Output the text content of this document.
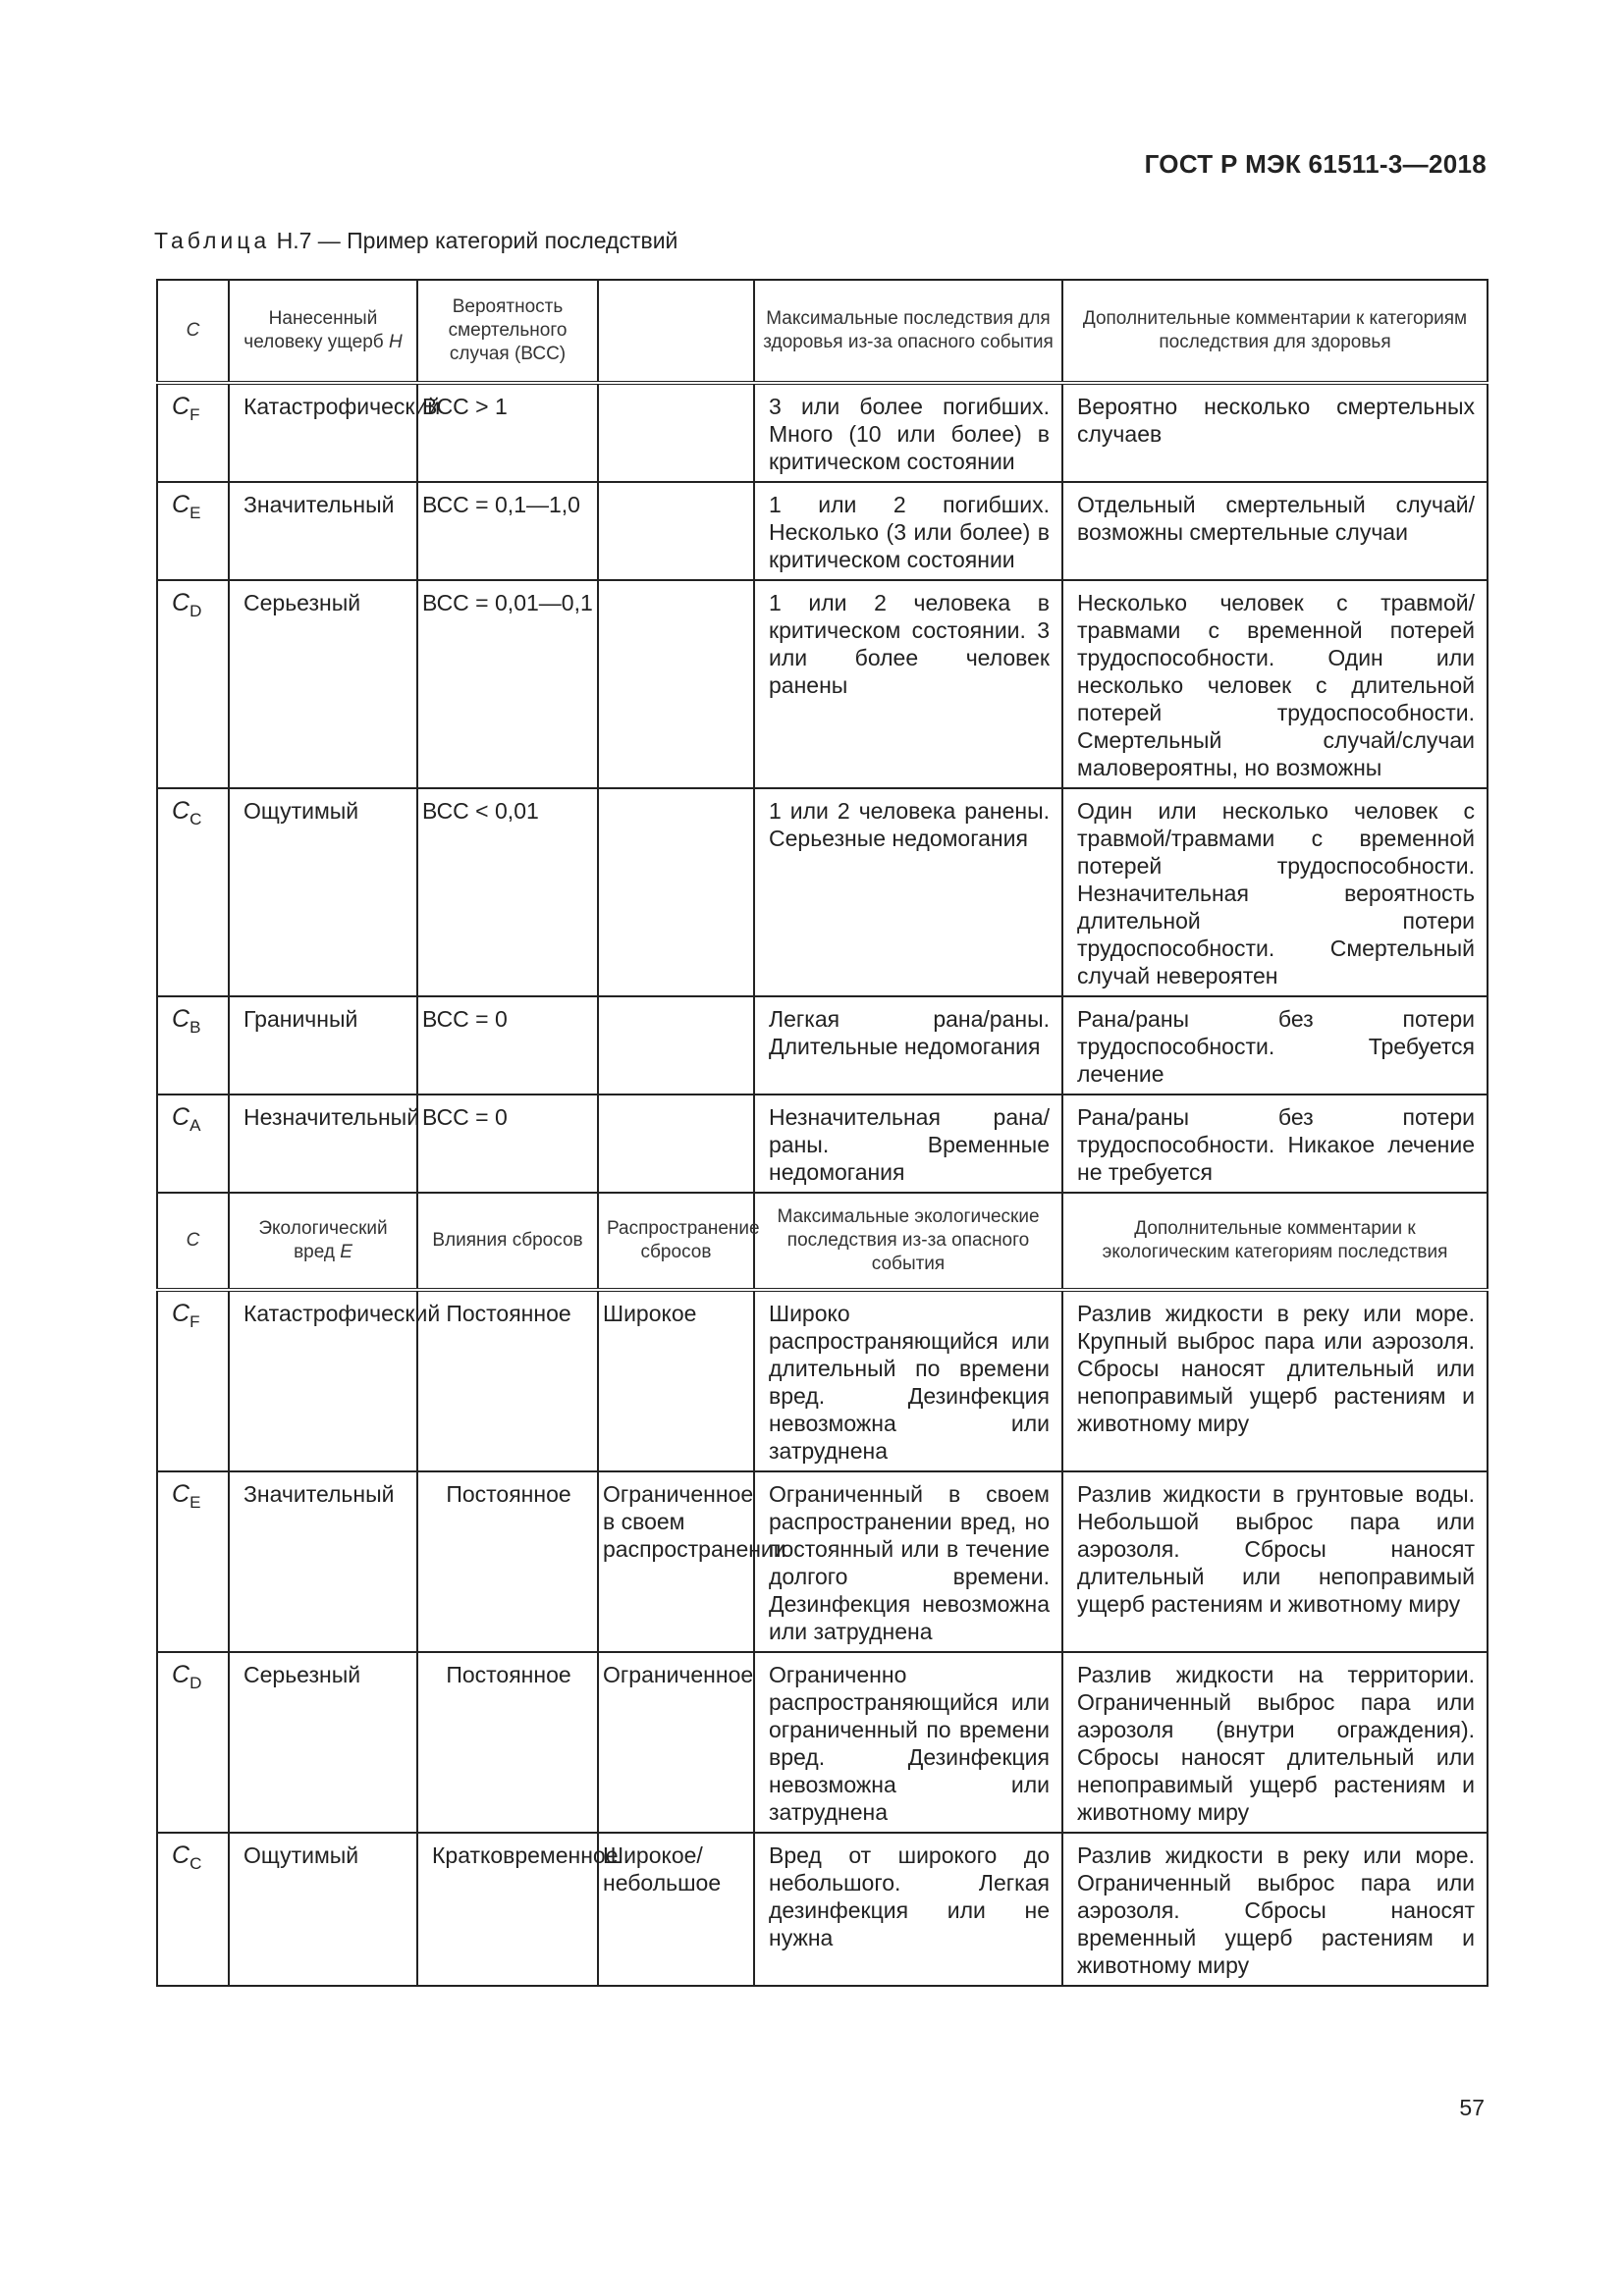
ГОСТ Р МЭК 61511-3—2018
Таблица H.7 — Пример категорий последствий
C	Нанесенный человеку ущерб H	Вероятность смертельного случая (ВСС)		Максимальные последствия для здоровья из-за опасного события	Дополнительные комментарии к категориям последствия для здоровья
$C_F$	Катастрофический	ВСС > 1		3 или более погибших. Много (10 или более) в критическом состоянии	Вероятно несколько смертельных случаев
$C_E$	Значительный	ВСС = 0,1—1,0		1 или 2 погибших. Несколько (3 или более) в критическом состоянии	Отдельный смертельный случай/возможны смертельные случаи
$C_D$	Серьезный	ВСС = 0,01—0,1		1 или 2 человека в критическом состоянии. 3 или более человек ранены	Несколько человек с травмой/травмами с временной потерей трудоспособности. Один или несколько человек с длительной потерей трудоспособности. Смертельный случай/случаи маловероятны, но возможны
$C_C$	Ощутимый	ВСС < 0,01		1 или 2 человека ранены. Серьезные недомогания	Один или несколько человек с травмой/травмами с временной потерей трудоспособности. Незначительная вероятность длительной потери трудоспособности. Смертельный случай невероятен
$C_B$	Граничный	ВСС = 0		Легкая рана/раны. Длительные недомогания	Рана/раны без потери трудоспособности. Требуется лечение
$C_A$	Незначительный	ВСС = 0		Незначительная рана/раны. Временные недомогания	Рана/раны без потери трудоспособности. Никакое лечение не требуется
C	Экологический вред E	Влияния сбросов	Распространение сбросов	Максимальные экологические последствия из-за опасного события	Дополнительные комментарии к экологическим категориям последствия
$C_F$	Катастрофический	Постоянное	Широкое	Широко распространяющийся или длительный по времени вред. Дезинфекция невозможна или затруднена	Разлив жидкости в реку или море. Крупный выброс пара или аэрозоля. Сбросы наносят длительный или непоправимый ущерб растениям и животному миру
$C_E$	Значительный	Постоянное	Ограниченное в своем распространении	Ограниченный в своем распространении вред, но постоянный или в течение долгого времени. Дезинфекция невозможна или затруднена	Разлив жидкости в грунтовые воды. Небольшой выброс пара или аэрозоля. Сбросы наносят длительный или непоправимый ущерб растениям и животному миру
$C_D$	Серьезный	Постоянное	Ограниченное	Ограниченно распространяющийся или ограниченный по времени вред. Дезинфекция невозможна или затруднена	Разлив жидкости на территории. Ограниченный выброс пара или аэрозоля (внутри ограждения). Сбросы наносят длительный или непоправимый ущерб растениям и животному миру
$C_C$	Ощутимый	Кратковременное	Широкое/небольшое	Вред от широкого до небольшого. Легкая дезинфекция или не нужна	Разлив жидкости в реку или море. Ограниченный выброс пара или аэрозоля. Сбросы наносят временный ущерб растениям и животному миру
57
